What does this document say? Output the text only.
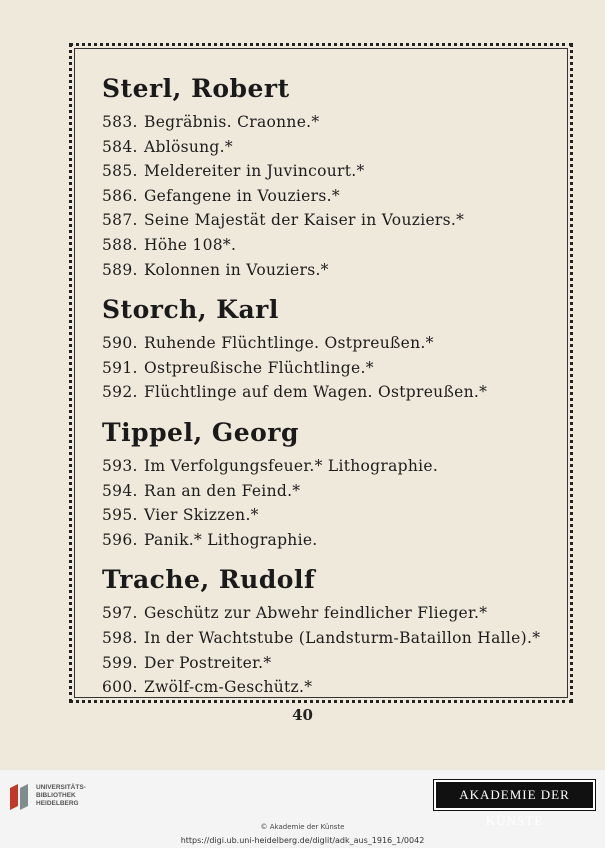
Sterl, Robert
583. Begräbnis. Craonne.*
584. Ablösung.*
585. Meldereiter in Juvincourt.*
586. Gefangene in Vouziers.*
587. Seine Majestät der Kaiser in Vouziers.*
588. Höhe 108*.
589. Kolonnen in Vouziers.*
Storch, Karl
590. Ruhende Flüchtlinge. Ostpreußen.*
591. Ostpreußische Flüchtlinge.*
592. Flüchtlinge auf dem Wagen. Ostpreußen.*
Tippel, Georg
593. Im Verfolgungsfeuer.* Lithographie.
594. Ran an den Feind.*
595. Vier Skizzen.*
596. Panik.* Lithographie.
Trache, Rudolf
597. Geschütz zur Abwehr feindlicher Flieger.*
598. In der Wachtstube (Landsturm-Bataillon Halle).*
599. Der Postreiter.*
600. Zwölf-cm-Geschütz.*
40
UNIVERSITÄTS-
BIBLIOTHEK
HEIDELBERG
AKADEMIE DER KÜNSTE
© Akademie der Künste
https://digi.ub.uni-heidelberg.de/diglit/adk_aus_1916_1/0042
